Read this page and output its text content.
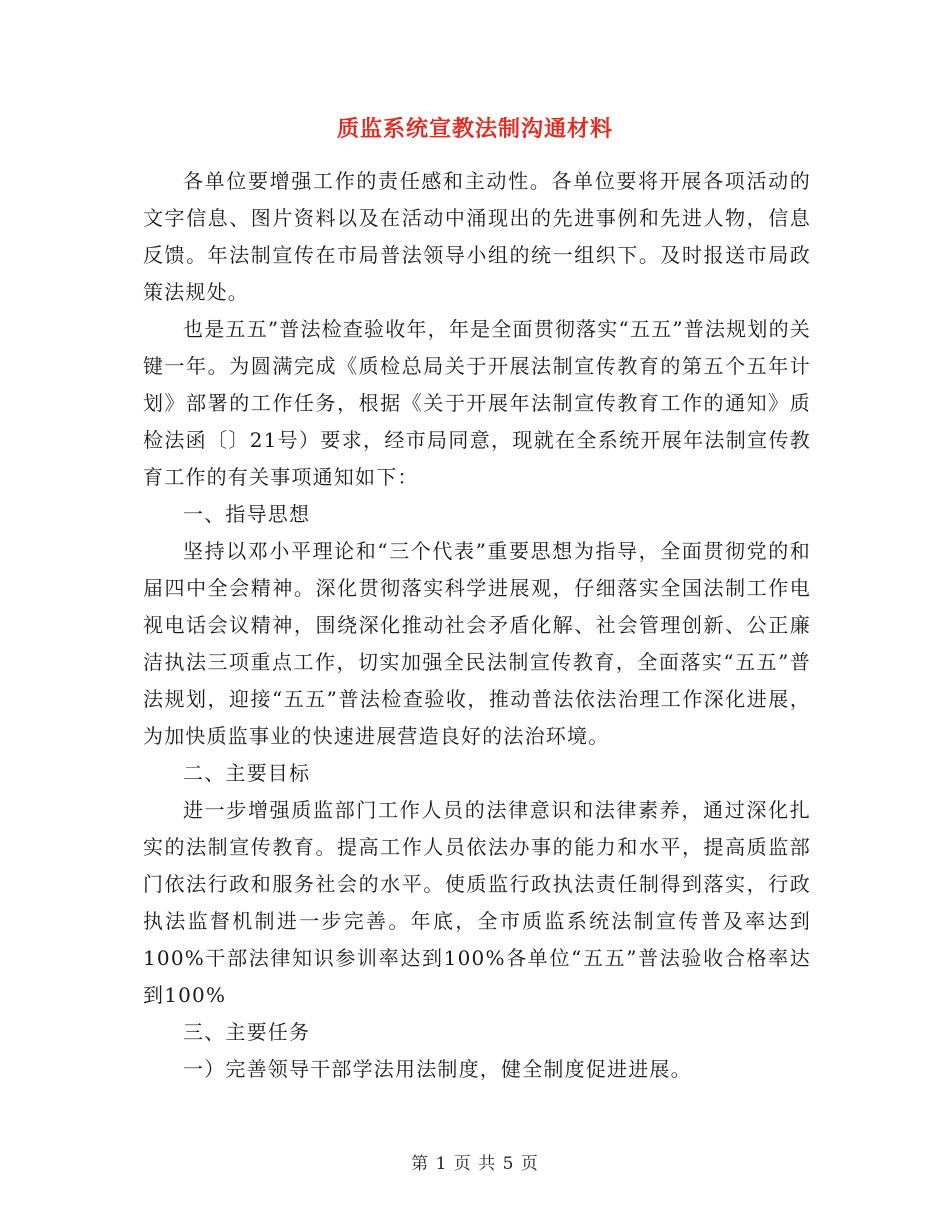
质监系统宣教法制沟通材料

各单位要增强工作的责任感和主动性。各单位要将开展各项活动的文字信息、图片资料以及在活动中涌现出的先进事例和先进人物，信息反馈。年法制宣传在市局普法领导小组的统一组织下。及时报送市局政策法规处。

也是五五”普法检查验收年，年是全面贯彻落实“五五”普法规划的关键一年。为圆满完成《质检总局关于开展法制宣传教育的第五个五年计划》部署的工作任务，根据《关于开展年法制宣传教育工作的通知》质检法函〔〕21号）要求，经市局同意，现就在全系统开展年法制宣传教育工作的有关事项通知如下：

一、指导思想

坚持以邓小平理论和“三个代表”重要思想为指导，全面贯彻党的和届四中全会精神。深化贯彻落实科学进展观，仔细落实全国法制工作电视电话会议精神，围绕深化推动社会矛盾化解、社会管理创新、公正廉洁执法三项重点工作，切实加强全民法制宣传教育，全面落实“五五”普法规划，迎接“五五”普法检查验收，推动普法依法治理工作深化进展，为加快质监事业的快速进展营造良好的法治环境。

二、主要目标

进一步增强质监部门工作人员的法律意识和法律素养，通过深化扎实的法制宣传教育。提高工作人员依法办事的能力和水平，提高质监部门依法行政和服务社会的水平。使质监行政执法责任制得到落实，行政执法监督机制进一步完善。年底，全市质监系统法制宣传普及率达到100%干部法律知识参训率达到100%各单位“五五”普法验收合格率达到100%

三、主要任务

一）完善领导干部学法用法制度，健全制度促进进展。

第 1 页 共 5 页
